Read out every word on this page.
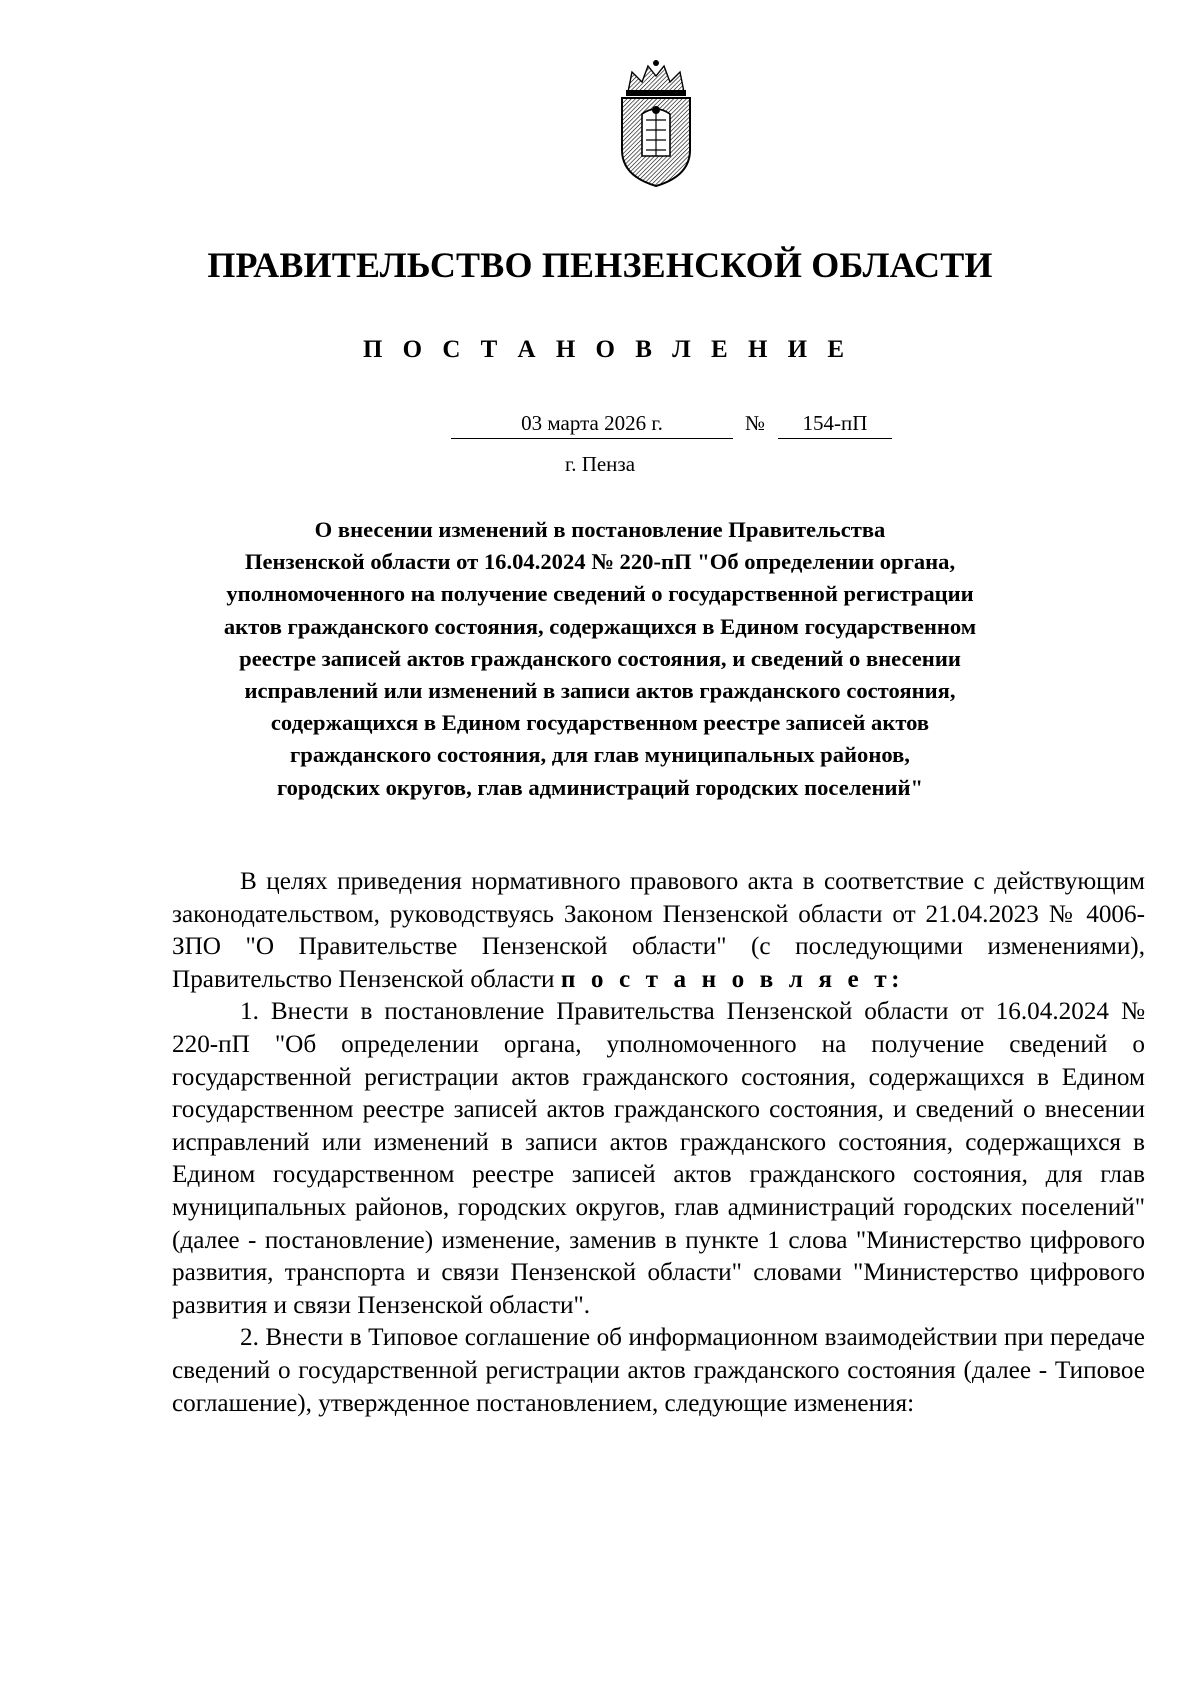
ПРАВИТЕЛЬСТВО ПЕНЗЕНСКОЙ ОБЛАСТИ
П О С Т А Н О В Л Е Н И Е
03 марта 2026 г.	№	154-пП
г. Пенза
О внесении изменений в постановление Правительства
Пензенской области от 16.04.2024 № 220-пП "Об определении органа,
уполномоченного на получение сведений о государственной регистрации
актов гражданского состояния, содержащихся в Едином государственном
реестре записей актов гражданского состояния, и сведений о внесении
исправлений или изменений в записи актов гражданского состояния,
содержащихся в Едином государственном реестре записей актов
гражданского состояния, для глав муниципальных районов,
городских округов, глав администраций городских поселений"

В целях приведения нормативного правового акта в соответствие с действующим законодательством, руководствуясь Законом Пензенской области от 21.04.2023 № 4006-ЗПО "О Правительстве Пензенской области" (с последующими изменениями), Правительство Пензенской области п о с т а н о в л я е т:

1. Внести в постановление Правительства Пензенской области от 16.04.2024 № 220-пП "Об определении органа, уполномоченного на получение сведений о государственной регистрации актов гражданского состояния, содержащихся в Едином государственном реестре записей актов гражданского состояния, и сведений о внесении исправлений или изменений в записи актов гражданского состояния, содержащихся в Едином государственном реестре записей актов гражданского состояния, для глав муниципальных районов, городских округов, глав администраций городских поселений" (далее - постановление) изменение, заменив в пункте 1 слова "Министерство цифрового развития, транспорта и связи Пензенской области" словами "Министерство цифрового развития и связи Пензенской области".

2. Внести в Типовое соглашение об информационном взаимодействии при передаче сведений о государственной регистрации актов гражданского состояния (далее - Типовое соглашение), утвержденное постановлением, следующие изменения:
